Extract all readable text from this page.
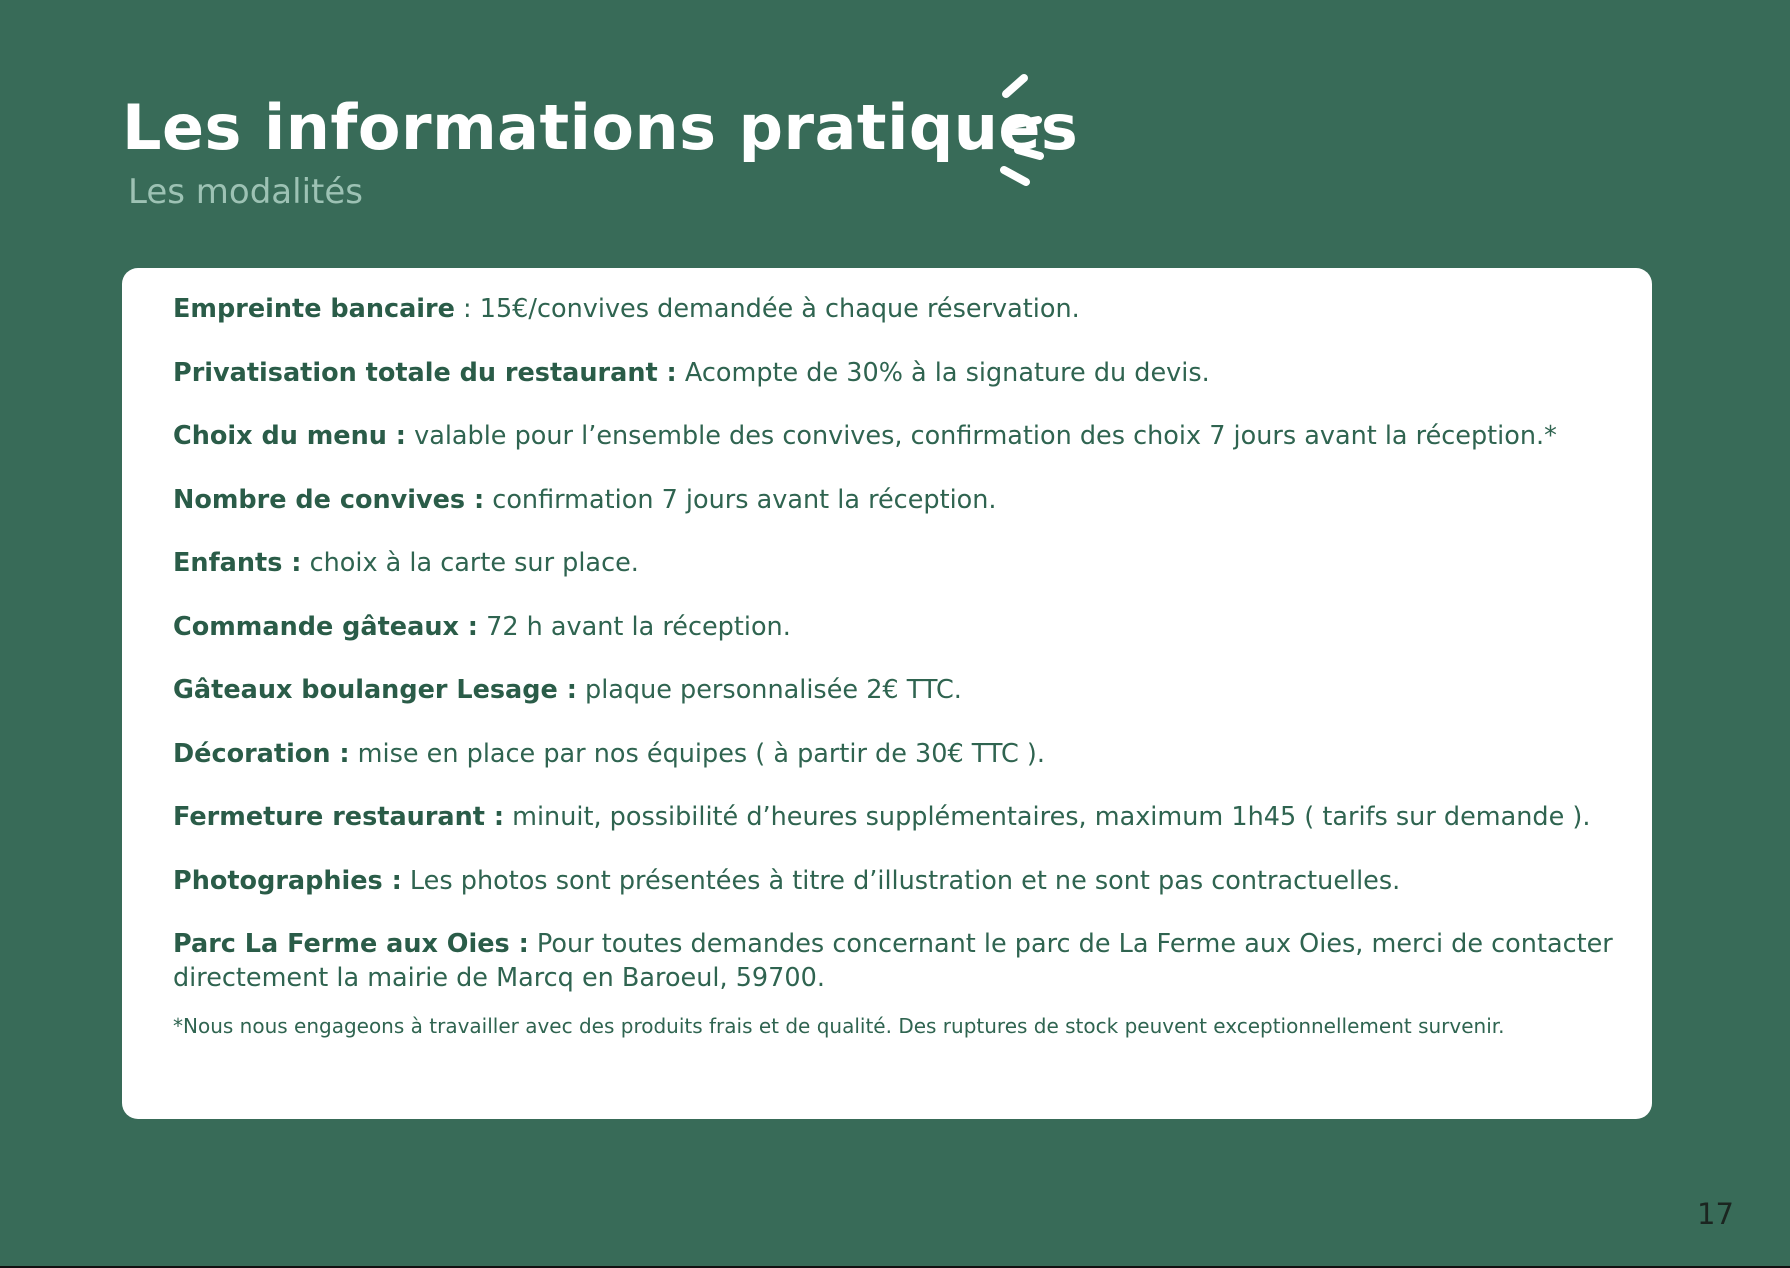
Les informations pratiques

Les modalités

Empreinte bancaire : 15€/convives demandée à chaque réservation.

Privatisation totale du restaurant : Acompte de 30% à la signature du devis.

Choix du menu : valable pour l’ensemble des convives, confirmation des choix 7 jours avant la réception.*

Nombre de convives : confirmation 7 jours avant la réception.

Enfants : choix à la carte sur place.

Commande gâteaux : 72 h avant la réception.

Gâteaux boulanger Lesage : plaque personnalisée 2€ TTC.

Décoration : mise en place par nos équipes ( à partir de 30€ TTC ).

Fermeture restaurant : minuit, possibilité d’heures supplémentaires, maximum 1h45 ( tarifs sur demande ).

Photographies : Les photos sont présentées à titre d’illustration et ne sont pas contractuelles.

Parc La Ferme aux Oies : Pour toutes demandes concernant le parc de La Ferme aux Oies, merci de contacter directement la mairie de Marcq en Baroeul, 59700.

*Nous nous engageons à travailler avec des produits frais et de qualité. Des ruptures de stock peuvent exceptionnellement survenir.

17
